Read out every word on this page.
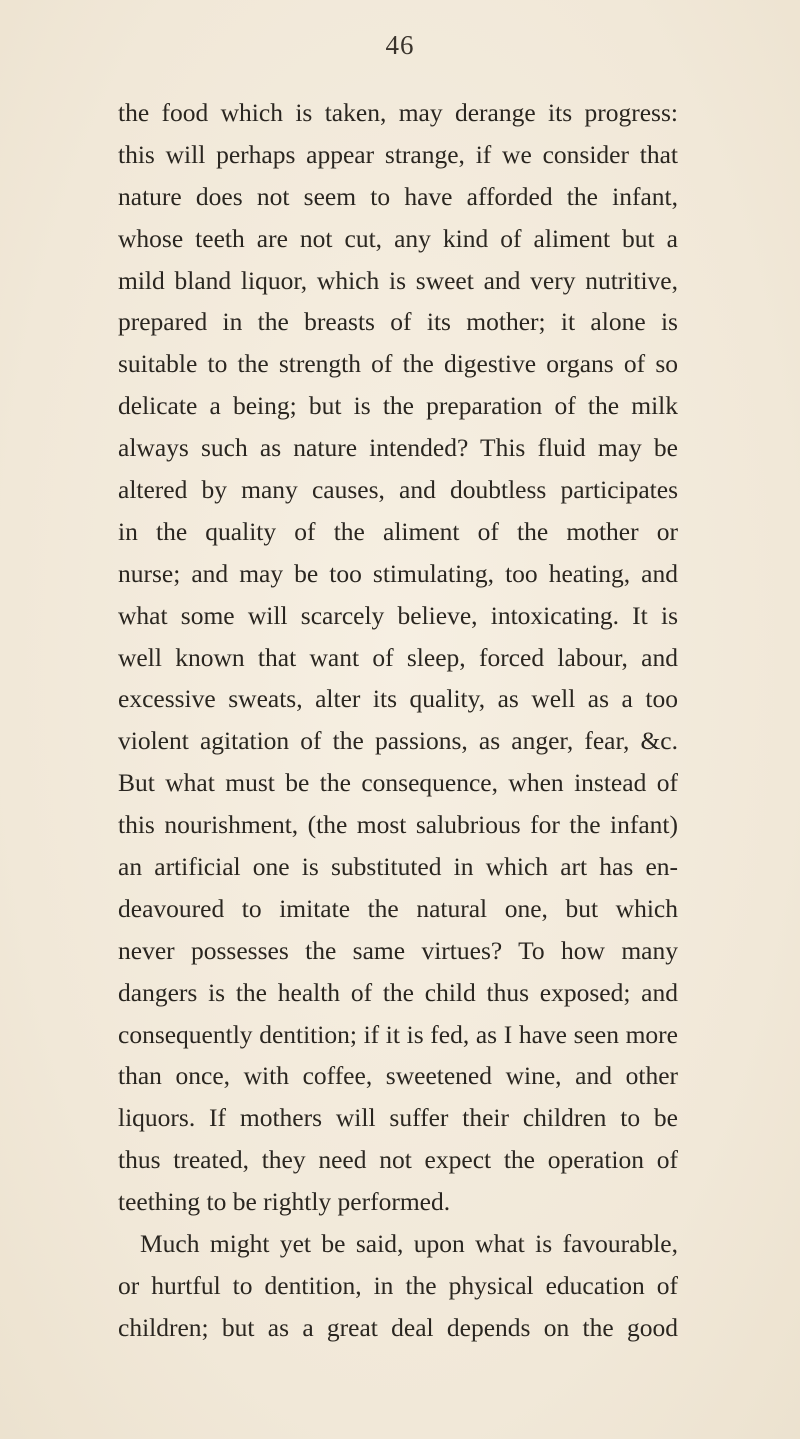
46
the food which is taken, may derange its progress:
this will perhaps appear strange, if we consider that
nature does not seem to have afforded the infant,
whose teeth are not cut, any kind of aliment but a
mild bland liquor, which is sweet and very nutritive,
prepared in the breasts of its mother; it alone is
suitable to the strength of the digestive organs of so
delicate a being; but is the preparation of the milk
always such as nature intended? This fluid may be
altered by many causes, and doubtless participates
in the quality of the aliment of the mother or
nurse; and may be too stimulating, too heating, and
what some will scarcely believe, intoxicating. It is
well known that want of sleep, forced labour, and
excessive sweats, alter its quality, as well as a too
violent agitation of the passions, as anger, fear, &c.
But what must be the consequence, when instead of
this nourishment, (the most salubrious for the infant)
an artificial one is substituted in which art has en-
deavoured to imitate the natural one, but which
never possesses the same virtues? To how many
dangers is the health of the child thus exposed; and
consequently dentition; if it is fed, as I have seen more
than once, with coffee, sweetened wine, and other
liquors. If mothers will suffer their children to be
thus treated, they need not expect the operation of
teething to be rightly performed.
Much might yet be said, upon what is favourable,
or hurtful to dentition, in the physical education of
children; but as a great deal depends on the good
